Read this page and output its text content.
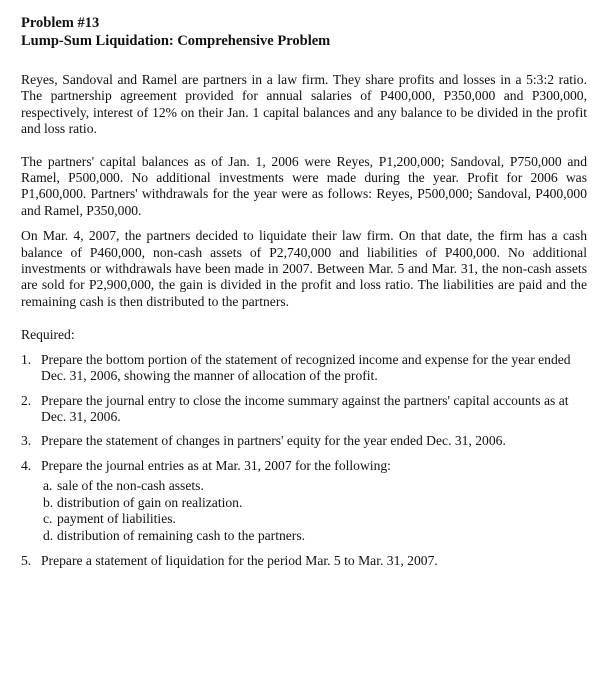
Problem #13

Lump-Sum Liquidation: Comprehensive Problem

Reyes, Sandoval and Ramel are partners in a law firm. They share profits and losses in a 5:3:2 ratio. The partnership agreement provided for annual salaries of P400,000, P350,000 and P300,000, respectively, interest of 12% on their Jan. 1 capital balances and any balance to be divided in the profit and loss ratio.

The partners' capital balances as of Jan. 1, 2006 were Reyes, P1,200,000; Sandoval, P750,000 and Ramel, P500,000. No additional investments were made during the year. Profit for 2006 was P1,600,000. Partners' withdrawals for the year were as follows: Reyes, P500,000; Sandoval, P400,000 and Ramel, P350,000.

On Mar. 4, 2007, the partners decided to liquidate their law firm. On that date, the firm has a cash balance of P460,000, non-cash assets of P2,740,000 and liabilities of P400,000. No additional investments or withdrawals have been made in 2007. Between Mar. 5 and Mar. 31, the non-cash assets are sold for P2,900,000, the gain is divided in the profit and loss ratio. The liabilities are paid and the remaining cash is then distributed to the partners.

Required:
1. Prepare the bottom portion of the statement of recognized income and expense for the year ended Dec. 31, 2006, showing the manner of allocation of the profit.
2. Prepare the journal entry to close the income summary against the partners' capital accounts as at Dec. 31, 2006.
3. Prepare the statement of changes in partners' equity for the year ended Dec. 31, 2006.
4. Prepare the journal entries as at Mar. 31, 2007 for the following:
a. sale of the non-cash assets.
b. distribution of gain on realization.
c. payment of liabilities.
d. distribution of remaining cash to the partners.
5. Prepare a statement of liquidation for the period Mar. 5 to Mar. 31, 2007.
